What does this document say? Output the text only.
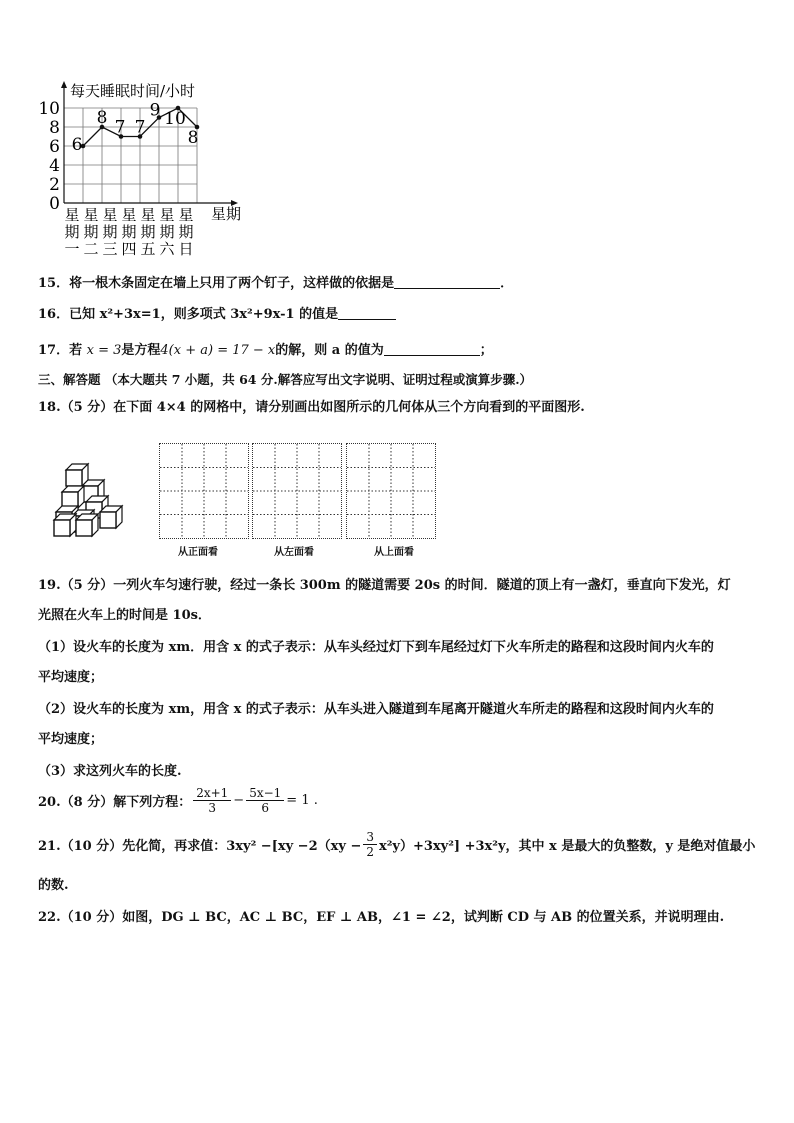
0
2
4
6
8
10
6
8 7 7
9 10
8
每天睡眠时间/小时
星期
星 星 星 星 星 星 星
期 期 期 期 期 期 期
一 二 三 四 五 六 日
15．将一根木条固定在墙上只用了两个钉子，这样做的依据是	．
16．已知 x²+3x=1，则多项式 3x²+9x-1 的值是
17．若 x = 3是方程4(x + a) = 17 − x的解，则 a 的值为	；
三、解答题 （本大题共 7 小题，共 64 分.解答应写出文字说明、证明过程或演算步骤.）
18.（5 分）在下面 4×4 的网格中，请分别画出如图所示的几何体从三个方向看到的平面图形.
从正面看	从左面看	从上面看
19.（5 分）一列火车匀速行驶，经过一条长 300m 的隧道需要 20s 的时间．隧道的顶上有一盏灯，垂直向下发光，灯
光照在火车上的时间是 10s．
（1）设火车的长度为 xm．用含 x 的式子表示：从车头经过灯下到车尾经过灯下火车所走的路程和这段时间内火车的
平均速度；
（2）设火车的长度为 xm，用含 x 的式子表示：从车头进入隧道到车尾离开隧道火车所走的路程和这段时间内火车的
平均速度；
（3）求这列火车的长度.
20.（8 分）解下列方程： $\frac{2x+1}{3} - \frac{5x-1}{6} = 1$ .
21.（10 分）先化简，再求值：$3xy^2 -[xy -2(xy - \frac{3}{2} x^2y)+3xy^2] +3x^2y$，其中 x 是最大的负整数，y 是绝对值最小
的数.
22.（10 分）如图，DG ⊥ BC，AC ⊥ BC，EF ⊥ AB，∠1 = ∠2，试判断 CD 与 AB 的位置关系，并说明理由.
